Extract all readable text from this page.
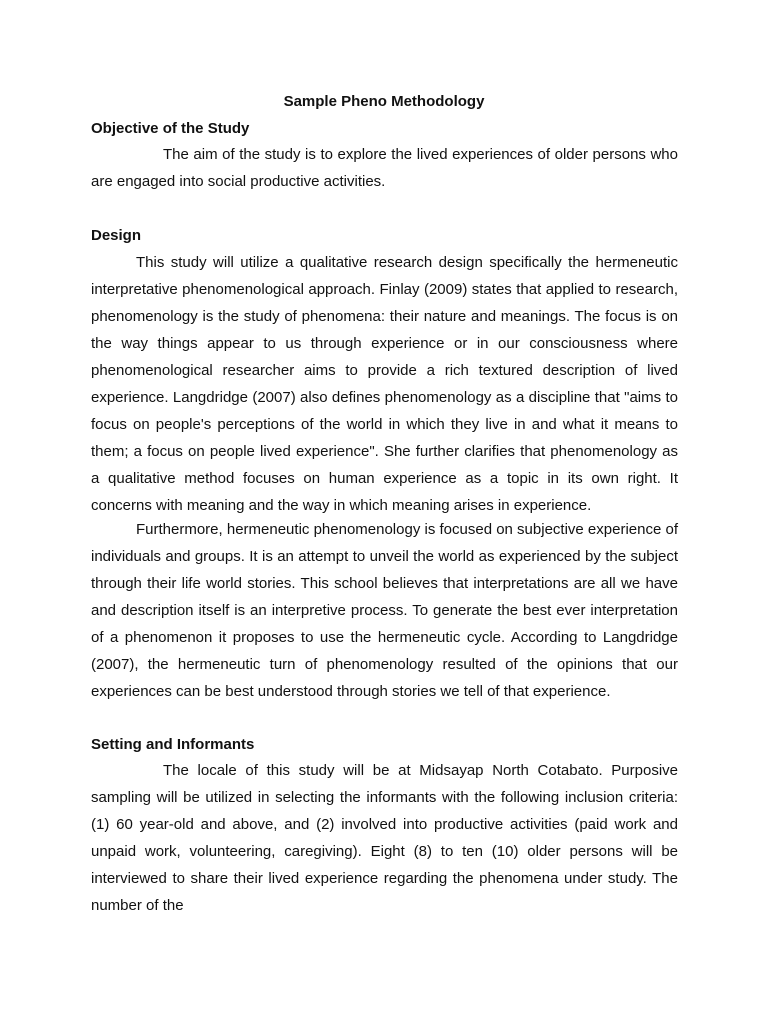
Sample Pheno Methodology
Objective of the Study

The aim of the study is to explore the lived experiences of older persons who are engaged into social productive activities.

Design

This study will utilize a qualitative research design specifically the hermeneutic interpretative phenomenological approach. Finlay (2009) states that applied to research, phenomenology is the study of phenomena: their nature and meanings. The focus is on the way things appear to us through experience or in our consciousness where phenomenological researcher aims to provide a rich textured description of lived experience. Langdridge (2007) also defines phenomenology as a discipline that "aims to focus on people's perceptions of the world in which they live in and what it means to them; a focus on people lived experience". She further clarifies that phenomenology as a qualitative method focuses on human experience as a topic in its own right. It concerns with meaning and the way in which meaning arises in experience.

Furthermore, hermeneutic phenomenology is focused on subjective experience of individuals and groups. It is an attempt to unveil the world as experienced by the subject through their life world stories. This school believes that interpretations are all we have and description itself is an interpretive process. To generate the best ever interpretation of a phenomenon it proposes to use the hermeneutic cycle. According to Langdridge (2007), the hermeneutic turn of phenomenology resulted of the opinions that our experiences can be best understood through stories we tell of that experience.

Setting and Informants

The locale of this study will be at Midsayap North Cotabato. Purposive sampling will be utilized in selecting the informants with the following inclusion criteria: (1) 60 year-old and above, and (2) involved into productive activities (paid work and unpaid work, volunteering, caregiving). Eight (8) to ten (10) older persons will be interviewed to share their lived experience regarding the phenomena under study. The number of the
